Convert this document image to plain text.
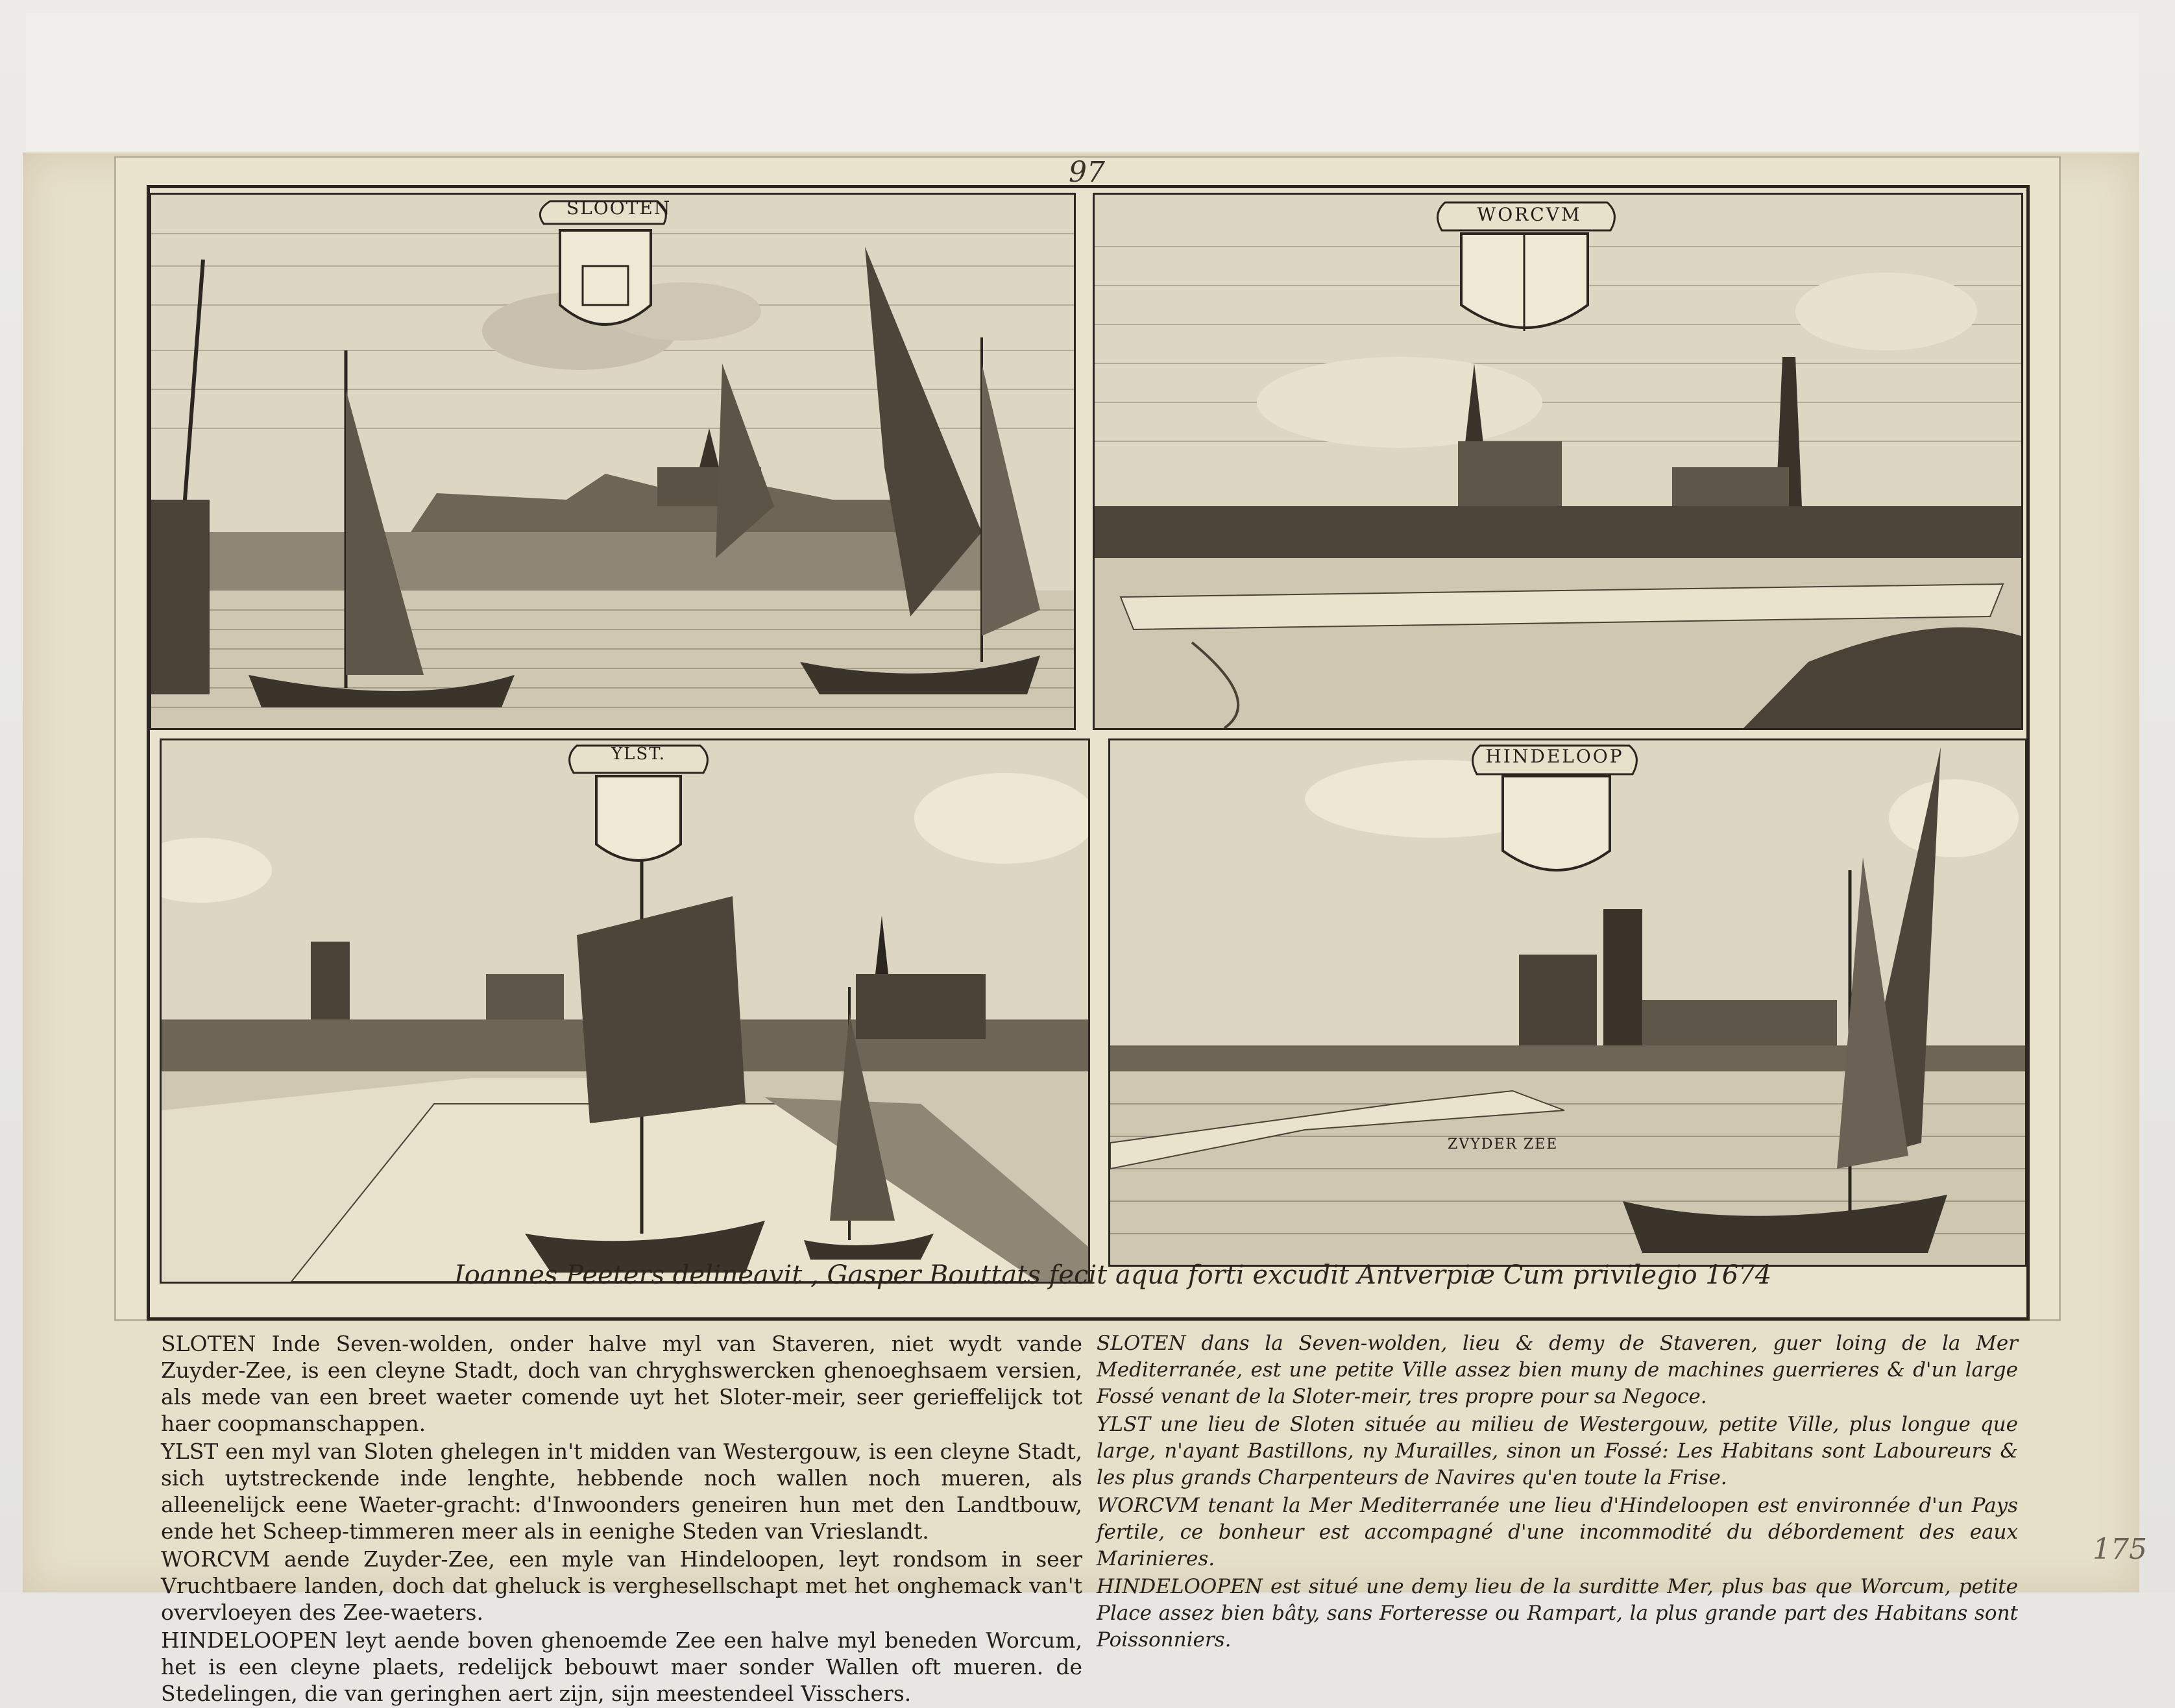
97
SLOOTEN	WORCVM
YLST.	HINDELOOP
ZVYDER ZEE
Ioannes Peeters delineavit , Gasper Bouttats fecit aqua forti excudit Antverpiæ Cum privilegio 1674

SLOTEN Inde Seven-wolden, onder halve myl van Staveren, niet wydt vande Zuyder-Zee, is een cleyne Stadt, doch van chryghswercken ghenoeghsaem versien, als mede van een breet waeter comende uyt het Sloter-meir, seer gerieffelijck tot haer coopmanschappen.

YLST een myl van Sloten ghelegen in't midden van Westergouw, is een cleyne Stadt, sich uytstreckende inde lenghte, hebbende noch wallen noch mueren, als alleenelijck eene Waeter-gracht: d'Inwoonders geneiren hun met den Landtbouw, ende het Scheep-timmeren meer als in eenighe Steden van Vrieslandt.

WORCVM aende Zuyder-Zee, een myle van Hindeloopen, leyt rondsom in seer Vruchtbaere landen, doch dat gheluck is verghesellschapt met het onghemack van't overvloeyen des Zee-waeters.

HINDELOOPEN leyt aende boven ghenoemde Zee een halve myl beneden Worcum, het is een cleyne plaets, redelijck bebouwt maer sonder Wallen oft mueren. de Stedelingen, die van geringhen aert zijn, sijn meestendeel Visschers.

SLOTEN dans la Seven-wolden, lieu & demy de Staveren, guer loing de la Mer Mediterranée, est une petite Ville assez bien muny de machines guerrieres & d'un large Fossé venant de la Sloter-meir, tres propre pour sa Negoce.

YLST une lieu de Sloten située au milieu de Westergouw, petite Ville, plus longue que large, n'ayant Bastillons, ny Murailles, sinon un Fossé: Les Habitans sont Laboureurs & les plus grands Charpenteurs de Navires qu'en toute la Frise.

WORCVM tenant la Mer Mediterranée une lieu d'Hindeloopen est environnée d'un Pays fertile, ce bonheur est accompagné d'une incommodité du débordement des eaux Marinieres.

HINDELOOPEN est situé une demy lieu de la surditte Mer, plus bas que Worcum, petite Place assez bien bâty, sans Forteresse ou Rampart, la plus grande part des Habitans sont Poissonniers.

175
